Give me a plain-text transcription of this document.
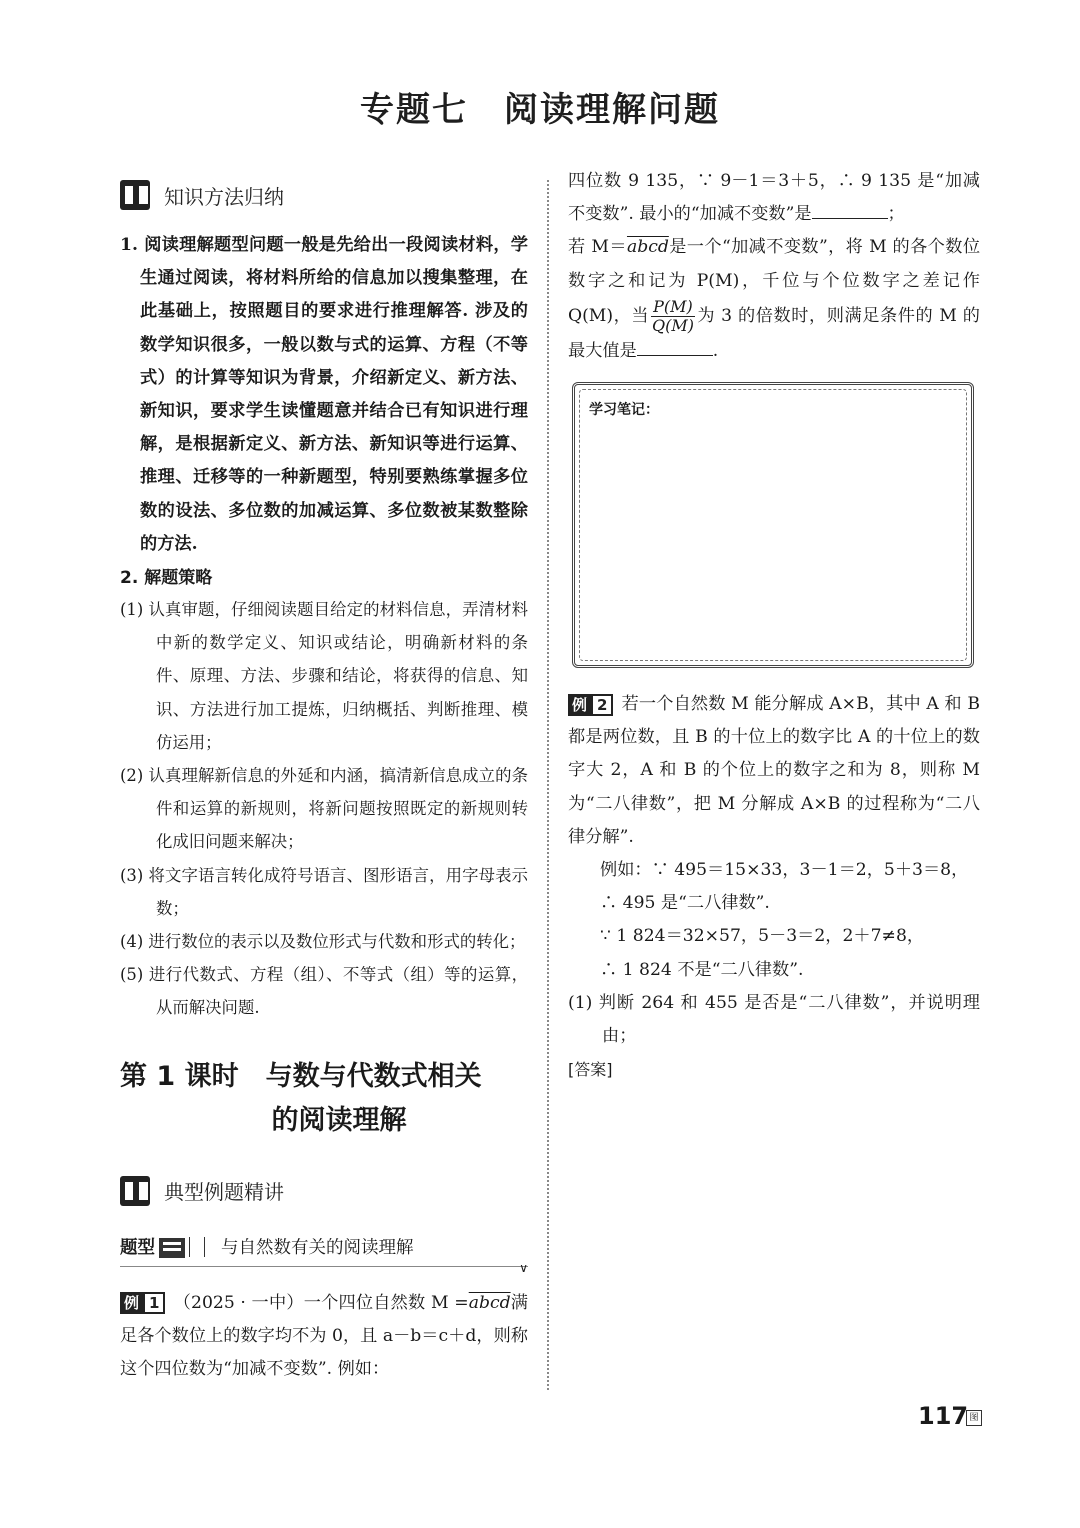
专题七 阅读理解问题
知识方法归纳

1. 阅读理解题型问题一般是先给出一段阅读材料，学生通过阅读，将材料所给的信息加以搜集整理，在此基础上，按照题目的要求进行推理解答. 涉及的数学知识很多，一般以数与式的运算、方程（不等式）的计算等知识为背景，介绍新定义、新方法、新知识，要求学生读懂题意并结合已有知识进行理解，是根据新定义、新方法、新知识等进行运算、推理、迁移等的一种新题型，特别要熟练掌握多位数的设法、多位数的加减运算、多位数被某数整除的方法.

2. 解题策略

(1) 认真审题，仔细阅读题目给定的材料信息，弄清材料中新的数学定义、知识或结论，明确新材料的条件、原理、方法、步骤和结论，将获得的信息、知识、方法进行加工提炼，归纳概括、判断推理、模仿运用；

(2) 认真理解新信息的外延和内涵，搞清新信息成立的条件和运算的新规则，将新问题按照既定的新规则转化成旧问题来解决；

(3) 将文字语言转化成符号语言、图形语言，用字母表示数；

(4) 进行数位的表示以及数位形式与代数和形式的转化；

(5) 进行代数式、方程（组）、不等式（组）等的运算，从而解决问题.

第 1 课时　与数与代数式相关
的阅读理解
典型例题精讲
题型	与自然数有关的阅读理解
∨

例 1 （2025 · 一中）一个四位自然数 M =abcd满足各个数位上的数字均不为 0，且 a－b＝c＋d，则称这个四位数为“加减不变数”. 例如：

四位数 9 135，∵ 9－1＝3＋5，∴ 9 135 是“加减不变数”. 最小的“加减不变数”是	；

若 M＝abcd是一个“加减不变数”，将 M 的各个数位数字之和记为 P(M)，千位与个位数字之差记作 Q(M)，当 $\frac{P(M)}{Q(M)}$ 为 3 的倍数时，则满足条件的 M 的最大值是	.

学习笔记：

例 2 若一个自然数 M 能分解成 A×B，其中 A 和 B 都是两位数，且 B 的十位上的数字比 A 的十位上的数字大 2，A 和 B 的个位上的数字之和为 8，则称 M 为“二八律数”，把 M 分解成 A×B 的过程称为“二八律分解”.

例如：∵ 495＝15×33，3－1＝2，5＋3＝8，

∴ 495 是“二八律数”.

∵ 1 824＝32×57，5－3＝2，2＋7≠8，

∴ 1 824 不是“二八律数”.

(1) 判断 264 和 455 是否是“二八律数”，并说明理由；

[答案]
117 图
